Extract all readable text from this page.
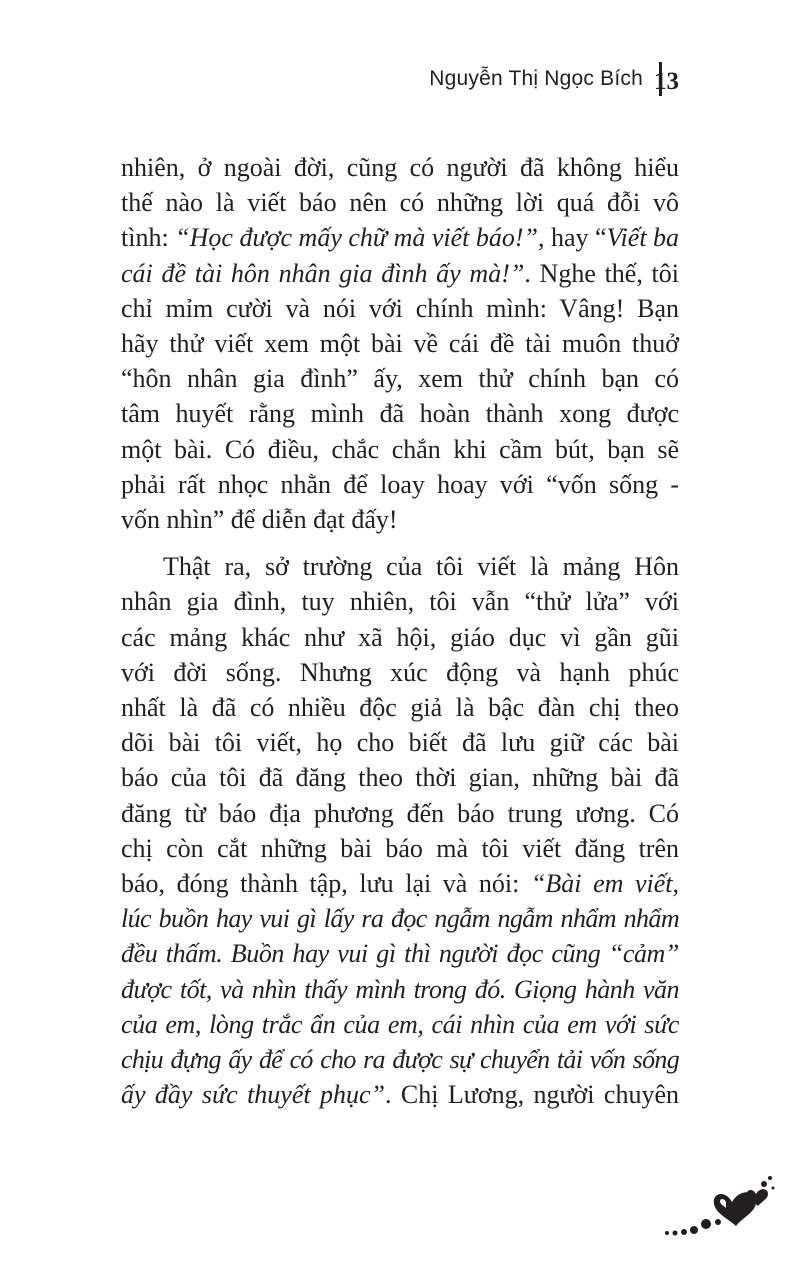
Nguyễn Thị Ngọc Bích 13

nhiên, ở ngoài đời, cũng có người đã không hiểu
thế nào là viết báo nên có những lời quá đỗi vô
tình: “Học được mấy chữ mà viết báo!”, hay “Viết ba
cái đề tài hôn nhân gia đình ấy mà!”. Nghe thế, tôi
chỉ mỉm cười và nói với chính mình: Vâng! Bạn
hãy thử viết xem một bài về cái đề tài muôn thuở
“hôn nhân gia đình” ấy, xem thử chính bạn có
tâm huyết rằng mình đã hoàn thành xong được
một bài. Có điều, chắc chắn khi cầm bút, bạn sẽ
phải rất nhọc nhằn để loay hoay với “vốn sống -
vốn nhìn” để diễn đạt đấy!

Thật ra, sở trường của tôi viết là mảng Hôn
nhân gia đình, tuy nhiên, tôi vẫn “thử lửa” với
các mảng khác như xã hội, giáo dục vì gần gũi
với đời sống. Nhưng xúc động và hạnh phúc
nhất là đã có nhiều độc giả là bậc đàn chị theo
dõi bài tôi viết, họ cho biết đã lưu giữ các bài
báo của tôi đã đăng theo thời gian, những bài đã
đăng từ báo địa phương đến báo trung ương. Có
chị còn cắt những bài báo mà tôi viết đăng trên
báo, đóng thành tập, lưu lại và nói: “Bài em viết,
lúc buồn hay vui gì lấy ra đọc ngẫm ngẫm nhẩm nhẩm
đều thấm. Buồn hay vui gì thì người đọc cũng “cảm”
được tốt, và nhìn thấy mình trong đó. Giọng hành văn
của em, lòng trắc ẩn của em, cái nhìn của em với sức
chịu đựng ấy để có cho ra được sự chuyển tải vốn sống
ấy đầy sức thuyết phục”. Chị Lương, người chuyên
